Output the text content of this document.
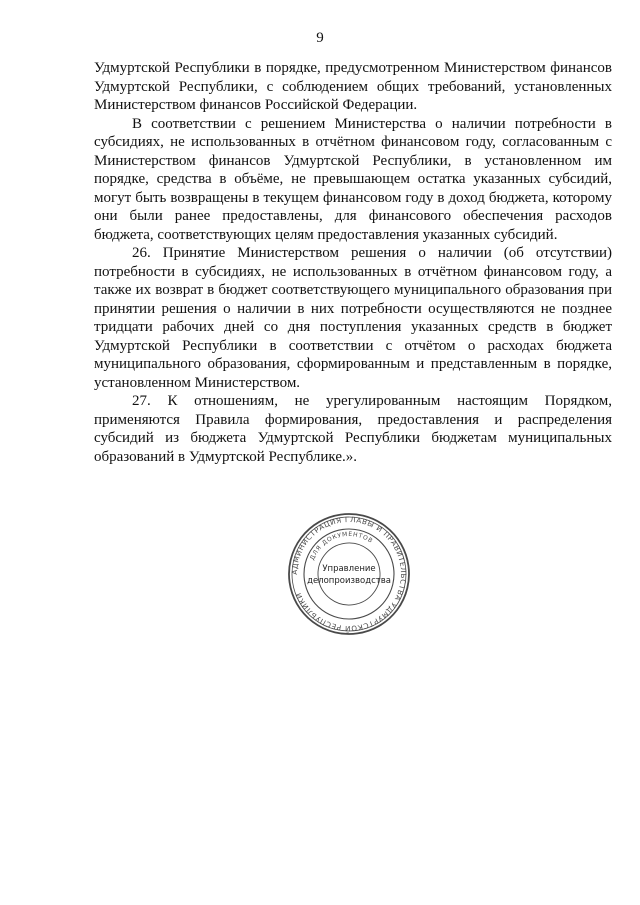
9

Удмуртской Республики в порядке, предусмотренном Министерством финансов Удмуртской Республики, с соблюдением общих требований, установленных Министерством финансов Российской Федерации.

В соответствии с решением Министерства о наличии потребности в субсидиях, не использованных в отчётном финансовом году, согласованным с Министерством финансов Удмуртской Республики, в установленном им порядке, средства в объёме, не превышающем остатка указанных субсидий, могут быть возвращены в текущем финансовом году в доход бюджета, которому они были ранее предоставлены, для финансового обеспечения расходов бюджета, соответствующих целям предоставления указанных субсидий.

26. Принятие Министерством решения о наличии (об отсутствии) потребности в субсидиях, не использованных в отчётном финансовом году, а также их возврат в бюджет соответствующего муниципального образования при принятии решения о наличии в них потребности осуществляются не позднее тридцати рабочих дней со дня поступления указанных средств в бюджет Удмуртской Республики в соответствии с отчётом о расходах бюджета муниципального образования, сформированным и представленным в порядке, установленном Министерством.

27. К отношениям, не урегулированным настоящим Порядком, применяются Правила формирования, предоставления и распределения субсидий из бюджета Удмуртской Республики бюджетам муниципальных образований в Удмуртской Республике.».

АДМИНИСТРАЦИЯ ГЛАВЫ И ПРАВИТЕЛЬСТВА УДМУРТСКОЙ РЕСПУБЛИКИ
ДЛЯ ДОКУМЕНТОВ
Управление
делопроизводства
